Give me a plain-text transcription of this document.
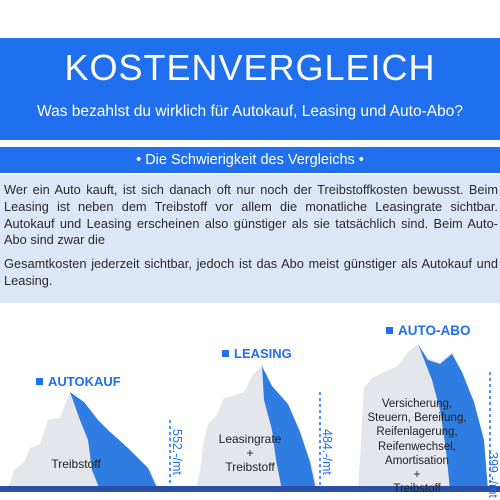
KOSTENVERGLEICH
Was bezahlst du wirklich für Autokauf, Leasing und Auto-Abo?
• Die Schwierigkeit des Vergleichs •
Wer ein Auto kauft, ist sich danach oft nur noch der Treibstoffkosten bewusst. Beim Leasing ist neben dem Treibstoff vor allem die monatliche Leasingrate sichtbar. Autokauf und Leasing erscheinen also günstiger als sie tatsächlich sind. Beim Auto-Abo sind zwar die
Gesamtkosten jederzeit sichtbar, jedoch ist das Abo meist günstiger als Autokauf und Leasing.
AUTOKAUF
LEASING
AUTO-ABO
Treibstoff
Leasingrate
+
Treibstoff
Versicherung,
Steuern, Bereifung,
Reifenlagerung,
Reifenwechsel,
Amortisation
+
Treibstoff
552.-/mt	484.-/mt
399.-/mt
